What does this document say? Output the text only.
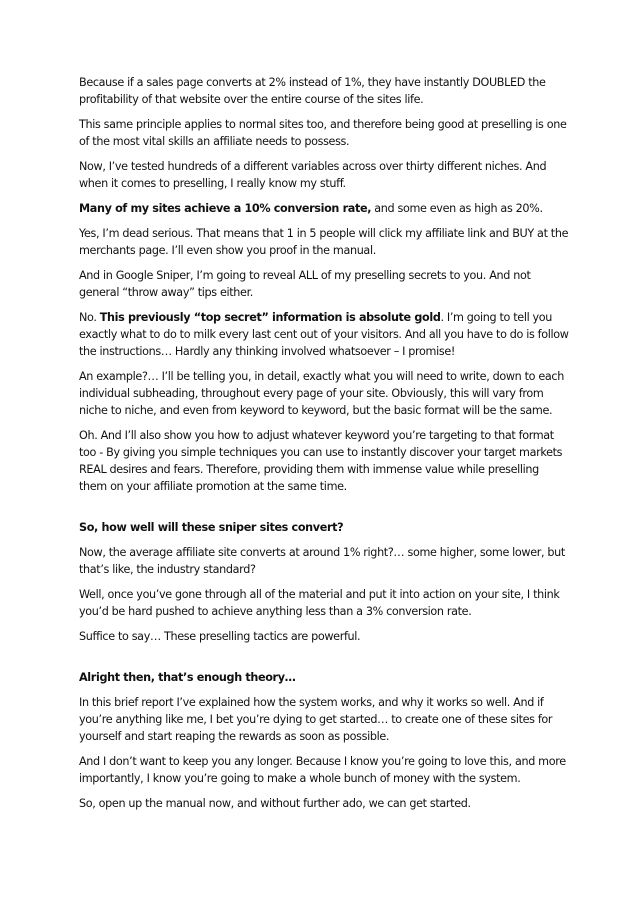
Because if a sales page converts at 2% instead of 1%, they have instantly DOUBLED the profitability of that website over the entire course of the sites life.

This same principle applies to normal sites too, and therefore being good at preselling is one of the most vital skills an affiliate needs to possess.

Now, I’ve tested hundreds of a different variables across over thirty different niches. And when it comes to preselling, I really know my stuff.

Many of my sites achieve a 10% conversion rate, and some even as high as 20%.

Yes, I’m dead serious. That means that 1 in 5 people will click my affiliate link and BUY at the merchants page. I’ll even show you proof in the manual.

And in Google Sniper, I’m going to reveal ALL of my preselling secrets to you. And not general “throw away” tips either.

No. This previously “top secret” information is absolute gold. I’m going to tell you exactly what to do to milk every last cent out of your visitors. And all you have to do is follow the instructions… Hardly any thinking involved whatsoever – I promise!

An example?… I’ll be telling you, in detail, exactly what you will need to write, down to each individual subheading, throughout every page of your site. Obviously, this will vary from niche to niche, and even from keyword to keyword, but the basic format will be the same.

Oh. And I’ll also show you how to adjust whatever keyword you’re targeting to that format too - By giving you simple techniques you can use to instantly discover your target markets REAL desires and fears. Therefore, providing them with immense value while preselling them on your affiliate promotion at the same time.

So, how well will these sniper sites convert?

Now, the average affiliate site converts at around 1% right?… some higher, some lower, but that’s like, the industry standard?

Well, once you’ve gone through all of the material and put it into action on your site, I think you’d be hard pushed to achieve anything less than a 3% conversion rate.

Suffice to say… These preselling tactics are powerful.

Alright then, that’s enough theory…

In this brief report I’ve explained how the system works, and why it works so well. And if you’re anything like me, I bet you’re dying to get started… to create one of these sites for yourself and start reaping the rewards as soon as possible.

And I don’t want to keep you any longer. Because I know you’re going to love this, and more importantly, I know you’re going to make a whole bunch of money with the system.

So, open up the manual now, and without further ado, we can get started.
